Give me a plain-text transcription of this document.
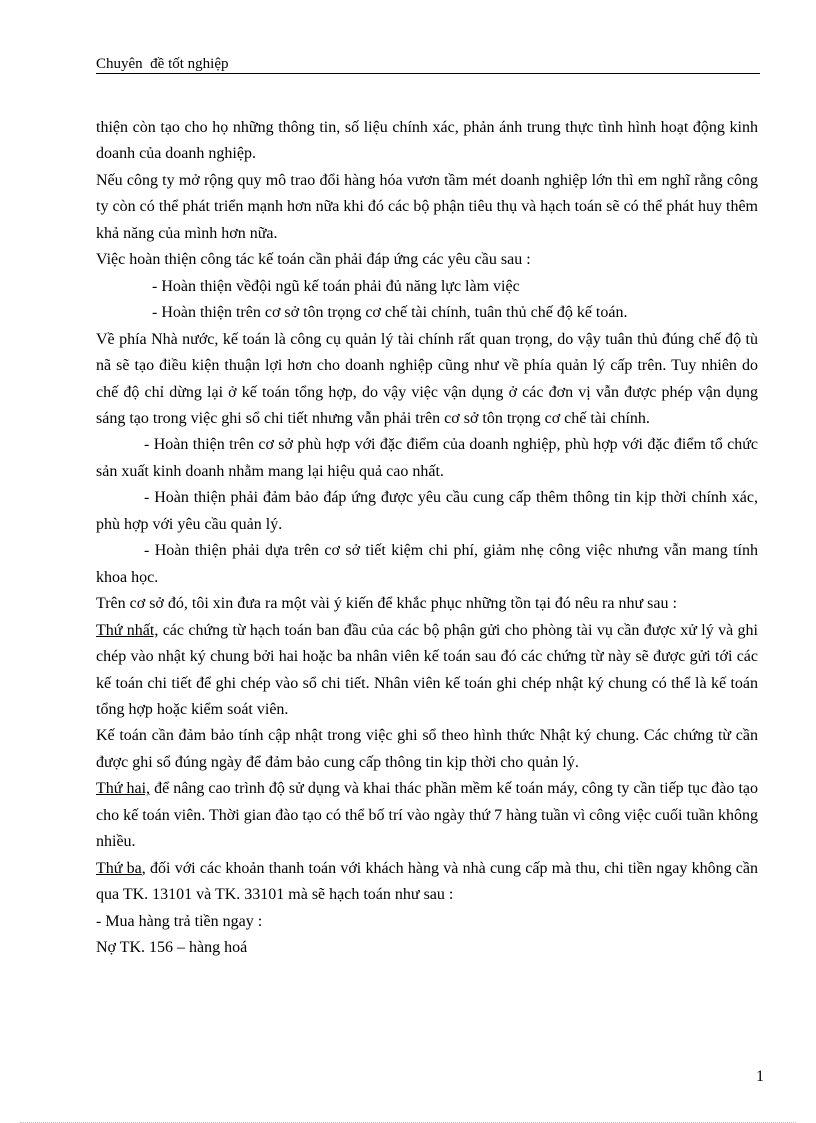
Chuyên  đề tốt nghiệp

thiện còn tạo cho họ những thông tin, số liệu chính xác, phản ánh trung thực tình hình hoạt động kinh doanh của doanh nghiệp.

Nếu công ty mở rộng quy mô trao đổi hàng hóa vươn tầm mét doanh nghiệp lớn thì em nghĩ rằng công ty còn có thể phát triển mạnh hơn nữa khi đó các bộ phận tiêu thụ và hạch toán sẽ có thể phát huy thêm khả năng của mình hơn nữa.

Việc hoàn thiện công tác kế toán cần phải đáp ứng các yêu cầu sau :

- Hoàn thiện vềđội ngũ kế toán phải đủ năng lực làm việc

- Hoàn thiện trên cơ sở tôn trọng cơ chế tài chính, tuân thủ chế độ kế toán.

Về phía Nhà nước, kế toán là công cụ quản lý tài chính rất quan trọng, do vậy tuân thủ đúng chế độ tù nã sẽ tạo điều kiện thuận lợi hơn cho doanh nghiệp cũng như về phía quản lý cấp trên. Tuy nhiên do chế độ chỉ dừng lại ở kế toán tổng hợp, do vậy việc vận dụng ở các đơn vị vẫn được phép vận dụng sáng tạo trong việc ghi sổ chi tiết nhưng vẫn phải trên cơ sở tôn trọng cơ chế tài chính.

- Hoàn thiện trên cơ sở phù hợp với đặc điểm của doanh nghiệp, phù hợp với đặc điểm tổ chức sản xuất kinh doanh nhằm mang lại hiệu quả cao nhất.

- Hoàn thiện phải đảm bảo đáp ứng được yêu cầu cung cấp thêm thông tin kịp thời chính xác, phù hợp với yêu cầu quản lý.

- Hoàn thiện phải dựa trên cơ sở tiết kiệm chi phí, giảm nhẹ công việc nhưng vẫn mang tính khoa học.

Trên cơ sở đó, tôi xin đưa ra một vài ý kiến để khắc phục những tồn tại đó nêu ra như sau :

Thứ nhất, các chứng từ hạch toán ban đầu của các bộ phận gửi cho phòng tài vụ cần được xử lý và ghi chép vào nhật ký chung bởi hai hoặc ba nhân viên kế toán sau đó các chứng từ này sẽ được gửi tới các kế toán chi tiết để ghi chép vào sổ chi tiết. Nhân viên kế toán ghi chép nhật ký chung có thể là kế toán tổng hợp hoặc kiểm soát viên.

Kế toán cần đảm bảo tính cập nhật trong việc ghi sổ theo hình thức Nhật ký chung. Các chứng từ cần được ghi sổ đúng ngày để đảm bảo cung cấp thông tin kịp thời cho quản lý.

Thứ hai, để nâng cao trình độ sử dụng và khai thác phần mềm kế toán máy, công ty cần tiếp tục đào tạo cho kế toán viên. Thời gian đào tạo có thể bố trí vào ngày thứ 7 hàng tuần vì công việc cuối tuần không nhiều.

Thứ ba, đối với các khoản thanh toán với khách hàng và nhà cung cấp mà thu, chi tiền ngay không cần qua TK. 13101 và TK. 33101 mà sẽ hạch toán như sau :

- Mua hàng trả tiền ngay :

Nợ TK. 156 – hàng hoá

1
